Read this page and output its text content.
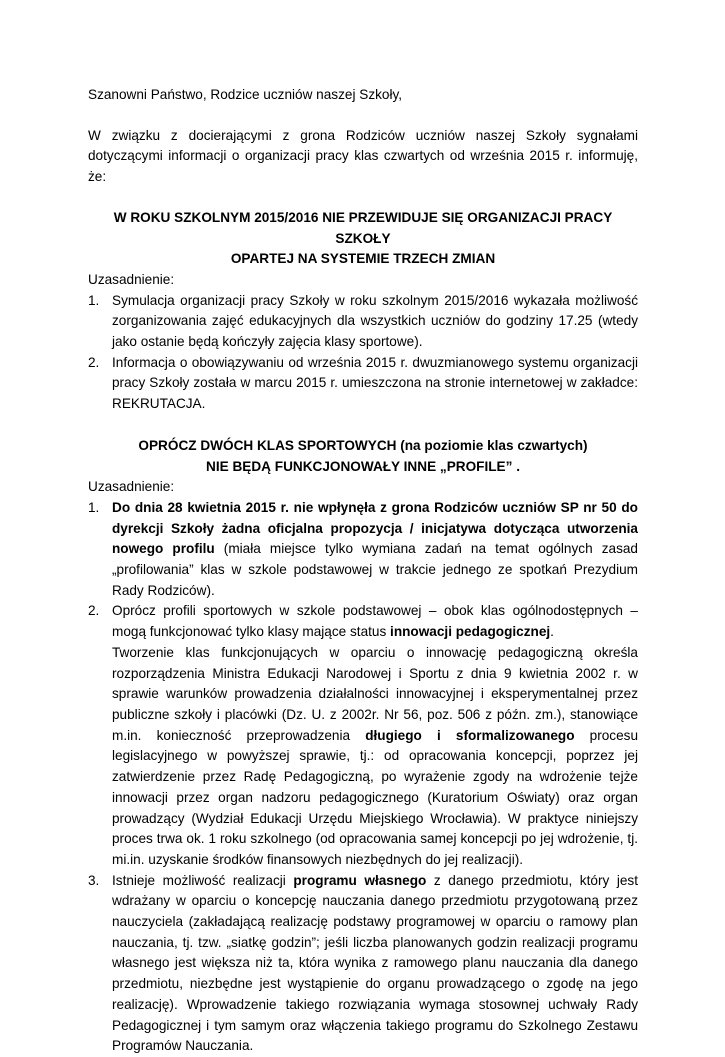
Szanowni Państwo, Rodzice uczniów naszej Szkoły,

W związku z docierającymi z grona Rodziców uczniów naszej Szkoły sygnałami dotyczącymi informacji o organizacji pracy klas czwartych od września 2015 r. informuję, że:

W ROKU SZKOLNYM 2015/2016 NIE PRZEWIDUJE SIĘ ORGANIZACJI PRACY SZKOŁY

OPARTEJ NA SYSTEMIE TRZECH ZMIAN

Uzasadnienie:

1. Symulacja organizacji pracy Szkoły w roku szkolnym 2015/2016 wykazała możliwość zorganizowania zajęć edukacyjnych dla wszystkich uczniów do godziny 17.25 (wtedy jako ostanie będą kończyły zajęcia klasy sportowe).
2. Informacja o obowiązywaniu od września 2015 r. dwuzmianowego systemu organizacji pracy Szkoły została w marcu 2015 r. umieszczona na stronie internetowej w zakładce: REKRUTACJA.

OPRÓCZ DWÓCH KLAS SPORTOWYCH (na poziomie klas czwartych)

NIE BĘDĄ FUNKCJONOWAŁY INNE „PROFILE” .

Uzasadnienie:

1. Do dnia 28 kwietnia 2015 r. nie wpłynęła z grona Rodziców uczniów SP nr 50 do dyrekcji Szkoły żadna oficjalna propozycja / inicjatywa dotycząca utworzenia nowego profilu (miała miejsce tylko wymiana zadań na temat ogólnych zasad „profilowania” klas w szkole podstawowej w trakcie jednego ze spotkań Prezydium Rady Rodziców).
2. Oprócz profili sportowych w szkole podstawowej – obok klas ogólnodostępnych – mogą funkcjonować tylko klasy mające status innowacji pedagogicznej.
Tworzenie klas funkcjonujących w oparciu o innowację pedagogiczną określa rozporządzenia Ministra Edukacji Narodowej i Sportu z dnia 9 kwietnia 2002 r. w sprawie warunków prowadzenia działalności innowacyjnej i eksperymentalnej przez publiczne szkoły i placówki (Dz. U. z 2002r. Nr 56, poz. 506 z późn. zm.), stanowiące m.in. konieczność przeprowadzenia długiego i sformalizowanego procesu legislacyjnego w powyższej sprawie, tj.: od opracowania koncepcji, poprzez jej zatwierdzenie przez Radę Pedagogiczną, po wyrażenie zgody na wdrożenie tejże innowacji przez organ nadzoru pedagogicznego (Kuratorium Oświaty) oraz organ prowadzący (Wydział Edukacji Urzędu Miejskiego Wrocławia). W praktyce niniejszy proces trwa ok. 1 roku szkolnego (od opracowania samej koncepcji po jej wdrożenie, tj. mi.in. uzyskanie środków finansowych niezbędnych do jej realizacji).
3. Istnieje możliwość realizacji programu własnego z danego przedmiotu, który jest wdrażany w oparciu o koncepcję nauczania danego przedmiotu przygotowaną przez nauczyciela (zakładającą realizację podstawy programowej w oparciu o ramowy plan nauczania, tj. tzw. „siatkę godzin”; jeśli liczba planowanych godzin realizacji programu własnego jest większa niż ta, która wynika z ramowego planu nauczania dla danego przedmiotu, niezbędne jest wystąpienie do organu prowadzącego o zgodę na jego realizację). Wprowadzenie takiego rozwiązania wymaga stosownej uchwały Rady Pedagogicznej i tym samym oraz włączenia takiego programu do Szkolnego Zestawu Programów Nauczania.
